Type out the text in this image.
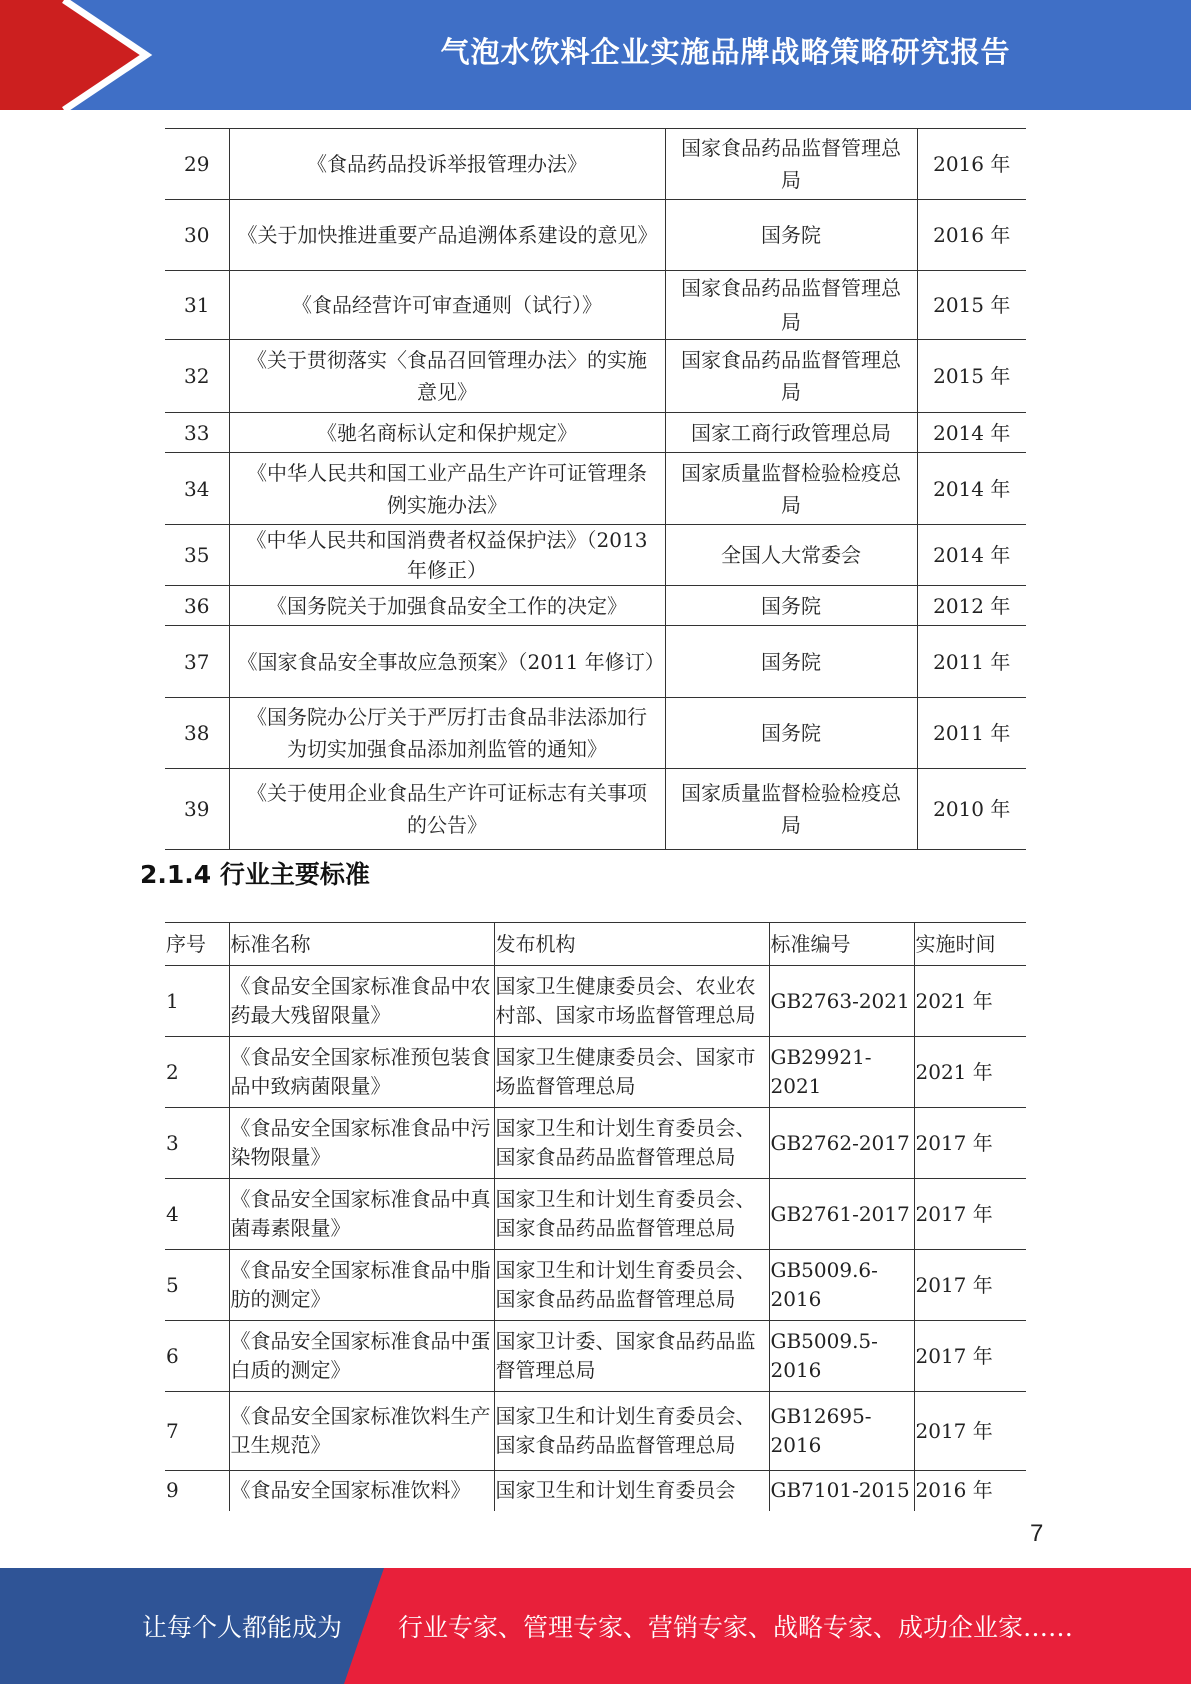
气泡水饮料企业实施品牌战略策略研究报告
29	《食品药品投诉举报管理办法》	国家食品药品监督管理总局	2016 年
30	《关于加快推进重要产品追溯体系建设的意见》	国务院	2016 年
31	《食品经营许可审查通则（试行）》	国家食品药品监督管理总局	2015 年
32	《关于贯彻落实〈食品召回管理办法〉的实施意见》	国家食品药品监督管理总局	2015 年
33	《驰名商标认定和保护规定》	国家工商行政管理总局	2014 年
34	《中华人民共和国工业产品生产许可证管理条例实施办法》	国家质量监督检验检疫总局	2014 年
35	《中华人民共和国消费者权益保护法》（2013 年修正）	全国人大常委会	2014 年
36	《国务院关于加强食品安全工作的决定》	国务院	2012 年
37	《国家食品安全事故应急预案》（2011 年修订）	国务院	2011 年
38	《国务院办公厅关于严厉打击食品非法添加行为切实加强食品添加剂监管的通知》	国务院	2011 年
39	《关于使用企业食品生产许可证标志有关事项的公告》	国家质量监督检验检疫总局	2010 年
2.1.4 行业主要标准
序号	标准名称	发布机构	标准编号	实施时间
1	《食品安全国家标准食品中农药最大残留限量》	国家卫生健康委员会、农业农村部、国家市场监督管理总局	GB2763-2021	2021 年
2	《食品安全国家标准预包装食品中致病菌限量》	国家卫生健康委员会、国家市场监督管理总局	GB29921-2021	2021 年
3	《食品安全国家标准食品中污染物限量》	国家卫生和计划生育委员会、国家食品药品监督管理总局	GB2762-2017	2017 年
4	《食品安全国家标准食品中真菌毒素限量》	国家卫生和计划生育委员会、国家食品药品监督管理总局	GB2761-2017	2017 年
5	《食品安全国家标准食品中脂肪的测定》	国家卫生和计划生育委员会、国家食品药品监督管理总局	GB5009.6-2016	2017 年
6	《食品安全国家标准食品中蛋白质的测定》	国家卫计委、国家食品药品监督管理总局	GB5009.5-2016	2017 年
7	《食品安全国家标准饮料生产卫生规范》	国家卫生和计划生育委员会、国家食品药品监督管理总局	GB12695-2016	2017 年
9	《食品安全国家标准饮料》	国家卫生和计划生育委员会	GB7101-2015	2016 年
7
让每个人都能成为 行业专家、管理专家、营销专家、战略专家、成功企业家……
